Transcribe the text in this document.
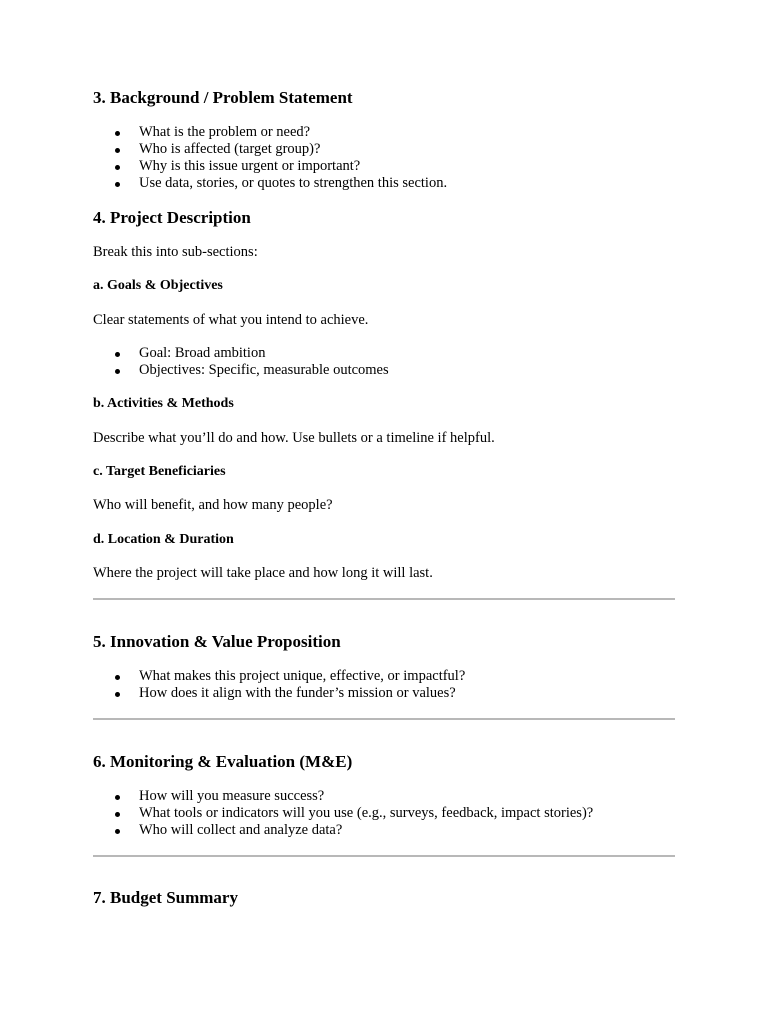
3. Background / Problem Statement
What is the problem or need?
Who is affected (target group)?
Why is this issue urgent or important?
Use data, stories, or quotes to strengthen this section.
4. Project Description

Break this into sub-sections:

a. Goals & Objectives

Clear statements of what you intend to achieve.

Goal: Broad ambition
Objectives: Specific, measurable outcomes
b. Activities & Methods

Describe what you’ll do and how. Use bullets or a timeline if helpful.

c. Target Beneficiaries

Who will benefit, and how many people?

d. Location & Duration

Where the project will take place and how long it will last.

5. Innovation & Value Proposition
What makes this project unique, effective, or impactful?
How does it align with the funder’s mission or values?
6. Monitoring & Evaluation (M&E)
How will you measure success?
What tools or indicators will you use (e.g., surveys, feedback, impact stories)?
Who will collect and analyze data?
7. Budget Summary
